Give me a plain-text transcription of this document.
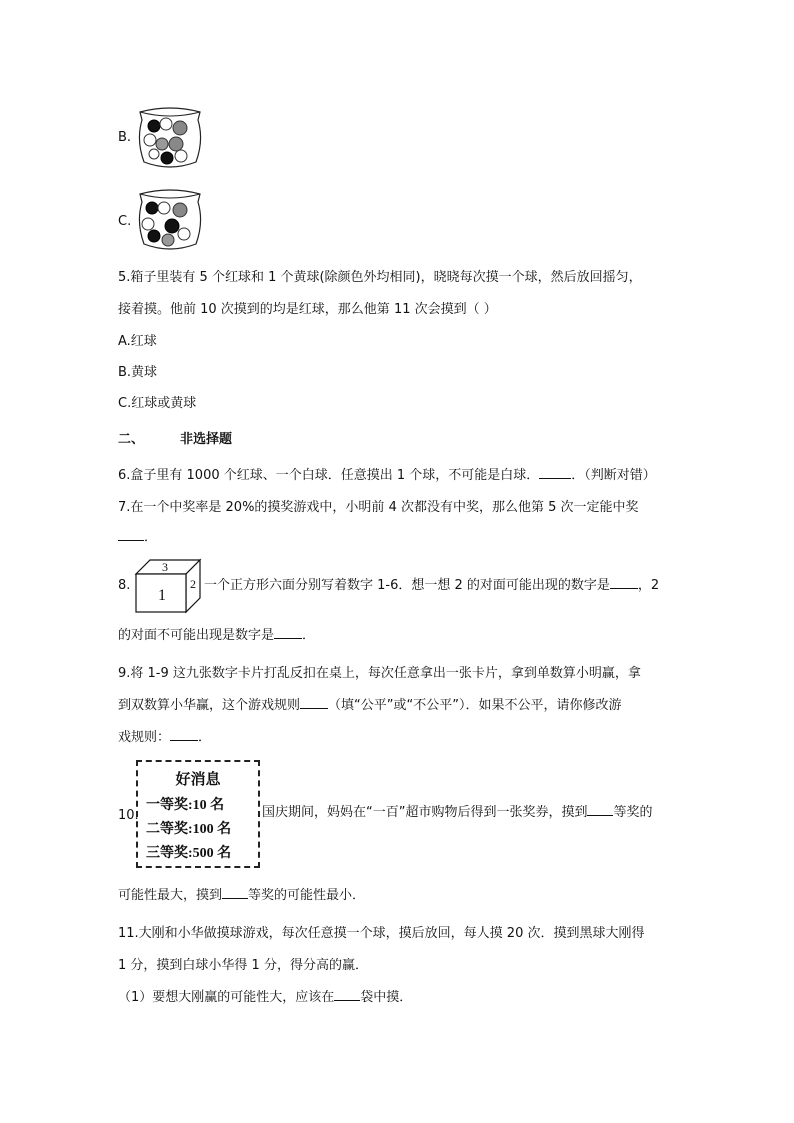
B.
C.
5.箱子里装有 5 个红球和 1 个黄球(除颜色外均相同)，晓晓每次摸一个球，然后放回摇匀，
接着摸。他前 10 次摸到的均是红球，那么他第 11 次会摸到（ ）
A.红球
B.黄球
C.红球或黄球
二、	非选择题
6.盒子里有 1000 个红球、一个白球．任意摸出 1 个球，不可能是白球． ．（判断对错）
7.在一个中奖率是 20%的摸奖游戏中，小明前 4 次都没有中奖，那么他第 5 次一定能中奖
．
8.
3
1
2 一个正方形六面分别写着数字 1-6．想一想 2 的对面可能出现的数字是 ，2
的对面不可能出现是数字是 ．
9.将 1-9 这九张数字卡片打乱反扣在桌上，每次任意拿出一张卡片，拿到单数算小明赢，拿
到双数算小华赢，这个游戏规则 （填“公平”或“不公平”）．如果不公平，请你修改游
戏规则： ．
10.
好消息
一等奖:10 名
二等奖:100 名
三等奖:500 名
国庆期间，妈妈在“一百”超市购物后得到一张奖券，摸到 等奖的
可能性最大，摸到 等奖的可能性最小．
11.大刚和小华做摸球游戏，每次任意摸一个球，摸后放回，每人摸 20 次．摸到黑球大刚得
1 分，摸到白球小华得 1 分，得分高的赢．
（1）要想大刚赢的可能性大，应该在 袋中摸．
